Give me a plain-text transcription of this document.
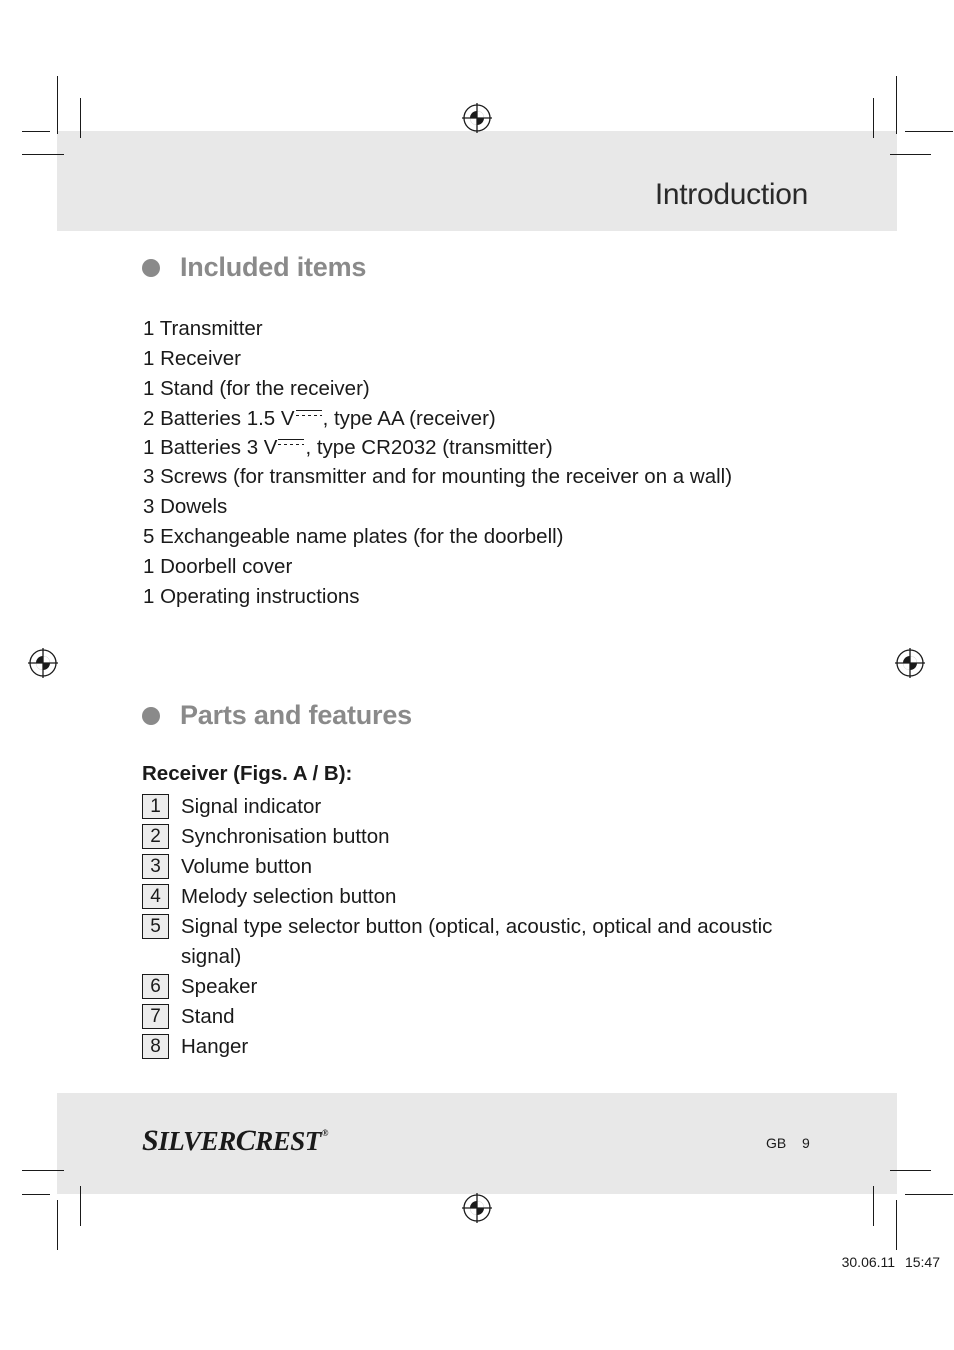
Introduction
Included items
1 Transmitter
1 Receiver
1 Stand (for the receiver)
2 Batteries 1.5 V , type AA (receiver)
1 Batteries 3 V , type CR2032 (transmitter)
3 Screws (for transmitter and for mounting the receiver on a wall)
3 Dowels
5 Exchangeable name plates (for the doorbell)
1 Doorbell cover
1 Operating instructions
Parts and features
Receiver (Figs. A / B):
1 Signal indicator
2 Synchronisation button
3 Volume button
4 Melody selection button
5 Signal type selector button (optical, acoustic, optical and acoustic signal)
6 Speaker
7 Stand
8 Hanger
SILVERCREST®
GB 9
30.06.11 15:47
